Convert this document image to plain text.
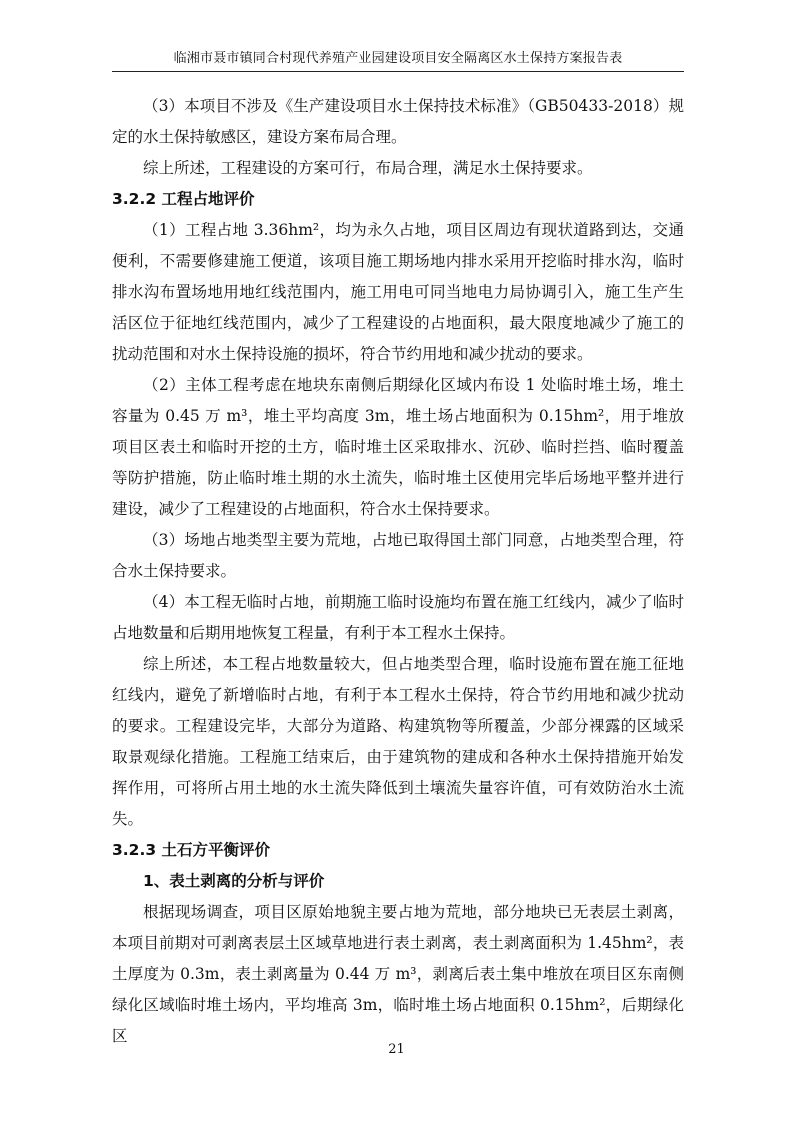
临湘市聂市镇同合村现代养殖产业园建设项目安全隔离区水土保持方案报告表

（3）本项目不涉及《生产建设项目水土保持技术标准》（GB50433-2018）规定的水土保持敏感区，建设方案布局合理。

综上所述，工程建设的方案可行，布局合理，满足水土保持要求。

3.2.2 工程占地评价

（1）工程占地 3.36hm²，均为永久占地，项目区周边有现状道路到达，交通便利，不需要修建施工便道，该项目施工期场地内排水采用开挖临时排水沟，临时排水沟布置场地用地红线范围内，施工用电可同当地电力局协调引入，施工生产生活区位于征地红线范围内，减少了工程建设的占地面积，最大限度地减少了施工的扰动范围和对水土保持设施的损坏，符合节约用地和减少扰动的要求。

（2）主体工程考虑在地块东南侧后期绿化区域内布设 1 处临时堆土场，堆土容量为 0.45 万 m³，堆土平均高度 3m，堆土场占地面积为 0.15hm²，用于堆放项目区表土和临时开挖的土方，临时堆土区采取排水、沉砂、临时拦挡、临时覆盖等防护措施，防止临时堆土期的水土流失，临时堆土区使用完毕后场地平整并进行建设，减少了工程建设的占地面积，符合水土保持要求。

（3）场地占地类型主要为荒地，占地已取得国土部门同意，占地类型合理，符合水土保持要求。

（4）本工程无临时占地，前期施工临时设施均布置在施工红线内，减少了临时占地数量和后期用地恢复工程量，有利于本工程水土保持。

综上所述，本工程占地数量较大，但占地类型合理，临时设施布置在施工征地红线内，避免了新增临时占地，有利于本工程水土保持，符合节约用地和减少扰动的要求。工程建设完毕，大部分为道路、构建筑物等所覆盖，少部分裸露的区域采取景观绿化措施。工程施工结束后，由于建筑物的建成和各种水土保持措施开始发挥作用，可将所占用土地的水土流失降低到土壤流失量容许值，可有效防治水土流失。

3.2.3 土石方平衡评价

1、表土剥离的分析与评价

根据现场调查，项目区原始地貌主要占地为荒地，部分地块已无表层土剥离，本项目前期对可剥离表层土区域草地进行表土剥离，表土剥离面积为 1.45hm²，表土厚度为 0.3m，表土剥离量为 0.44 万 m³，剥离后表土集中堆放在项目区东南侧绿化区域临时堆土场内，平均堆高 3m，临时堆土场占地面积 0.15hm²，后期绿化区

21
